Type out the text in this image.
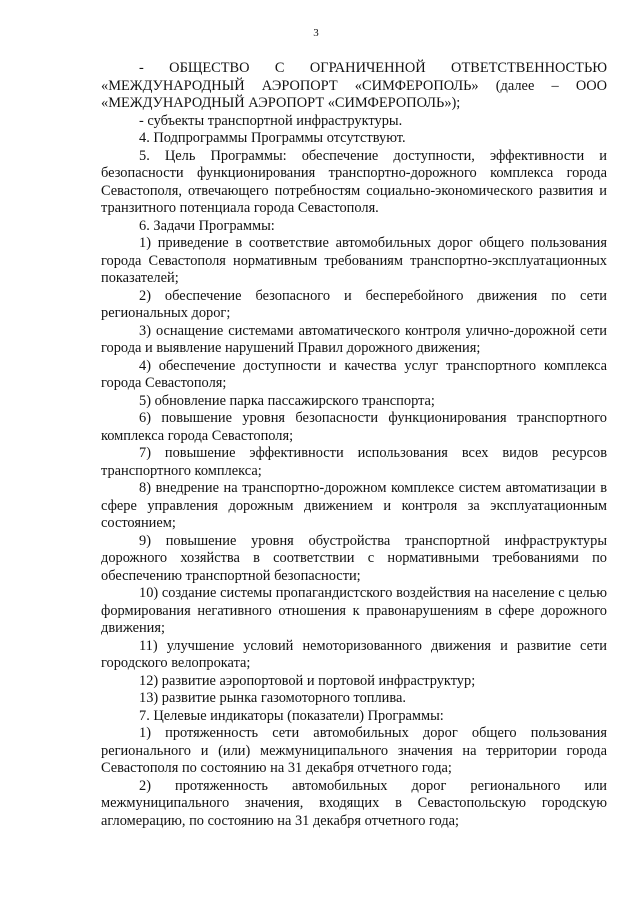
3

- ОБЩЕСТВО С ОГРАНИЧЕННОЙ ОТВЕТСТВЕННОСТЬЮ «МЕЖДУНАРОДНЫЙ АЭРОПОРТ «СИМФЕРОПОЛЬ» (далее – ООО «МЕЖДУНАРОДНЫЙ АЭРОПОРТ «СИМФЕРОПОЛЬ»);

- субъекты транспортной инфраструктуры.

4. Подпрограммы Программы отсутствуют.

5. Цель Программы: обеспечение доступности, эффективности и безопасности функционирования транспортно-дорожного комплекса города Севастополя, отвечающего потребностям социально-экономического развития и транзитного потенциала города Севастополя.

6. Задачи Программы:

1) приведение в соответствие автомобильных дорог общего пользования города Севастополя нормативным требованиям транспортно-эксплуатационных показателей;

2) обеспечение безопасного и бесперебойного движения по сети региональных дорог;

3) оснащение системами автоматического контроля улично-дорожной сети города и выявление нарушений Правил дорожного движения;

4) обеспечение доступности и качества услуг транспортного комплекса города Севастополя;

5) обновление парка пассажирского транспорта;

6) повышение уровня безопасности функционирования транспортного комплекса города Севастополя;

7) повышение эффективности использования всех видов ресурсов транспортного комплекса;

8) внедрение на транспортно-дорожном комплексе систем автоматизации в сфере управления дорожным движением и контроля за эксплуатационным состоянием;

9) повышение уровня обустройства транспортной инфраструктуры дорожного хозяйства в соответствии с нормативными требованиями по обеспечению транспортной безопасности;

10) создание системы пропагандистского воздействия на население с целью формирования негативного отношения к правонарушениям в сфере дорожного движения;

11) улучшение условий немоторизованного движения и развитие сети городского велопроката;

12) развитие аэропортовой и портовой инфраструктур;

13) развитие рынка газомоторного топлива.

7. Целевые индикаторы (показатели) Программы:

1) протяженность сети автомобильных дорог общего пользования регионального и (или) межмуниципального значения на территории города Севастополя по состоянию на 31 декабря отчетного года;

2) протяженность автомобильных дорог регионального или межмуниципального значения, входящих в Севастопольскую городскую агломерацию, по состоянию на 31 декабря отчетного года;
